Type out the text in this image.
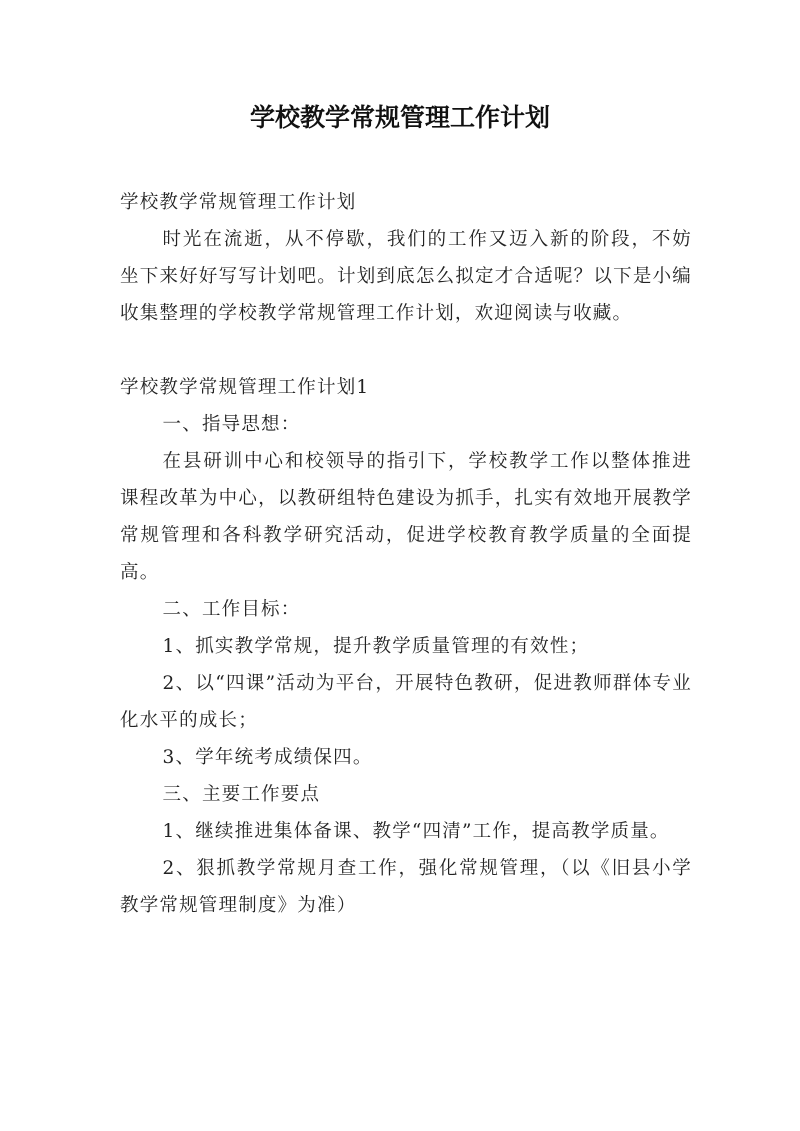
学校教学常规管理工作计划

学校教学常规管理工作计划

时光在流逝，从不停歇，我们的工作又迈入新的阶段，不妨坐下来好好写写计划吧。计划到底怎么拟定才合适呢？以下是小编收集整理的学校教学常规管理工作计划，欢迎阅读与收藏。

学校教学常规管理工作计划1

一、指导思想：

在县研训中心和校领导的指引下，学校教学工作以整体推进课程改革为中心，以教研组特色建设为抓手，扎实有效地开展教学常规管理和各科教学研究活动，促进学校教育教学质量的全面提高。

二、工作目标：

1、抓实教学常规，提升教学质量管理的有效性；

2、以“四课”活动为平台，开展特色教研，促进教师群体专业化水平的成长；

3、学年统考成绩保四。

三、主要工作要点

1、继续推进集体备课、教学“四清”工作，提高教学质量。

2、狠抓教学常规月查工作，强化常规管理，（以《旧县小学教学常规管理制度》为准）
